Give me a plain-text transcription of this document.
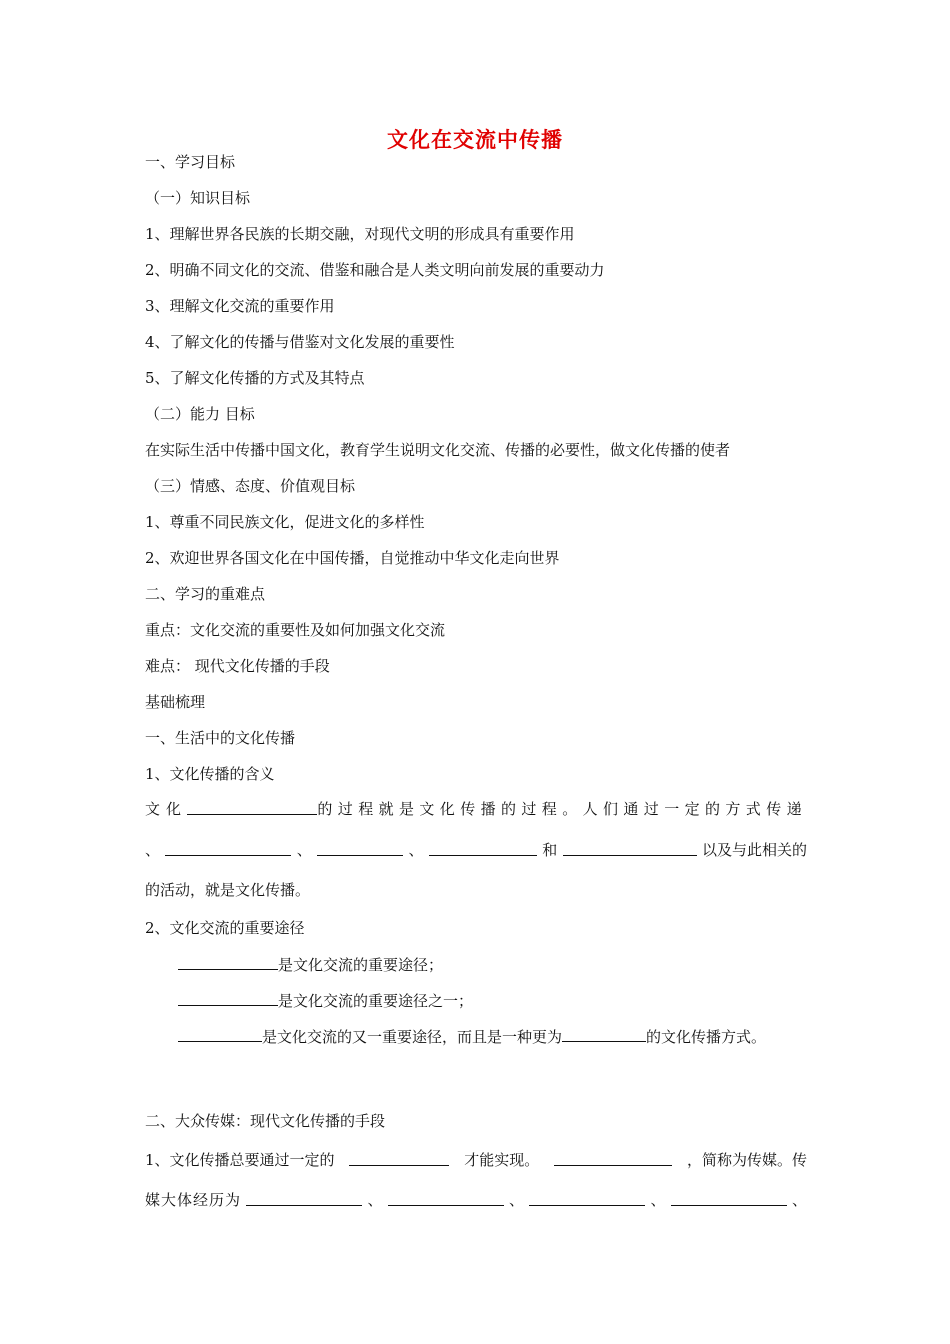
文化在交流中传播
一、学习目标
（一）知识目标
1、理解世界各民族的长期交融，对现代文明的形成具有重要作用
2、明确不同文化的交流、借鉴和融合是人类文明向前发展的重要动力
3、理解文化交流的重要作用
4、了解文化的传播与借鉴对文化发展的重要性
5、了解文化传播的方式及其特点
（二）能力 目标
在实际生活中传播中国文化，教育学生说明文化交流、传播的必要性，做文化传播的使者
（三）情感、态度、价值观目标
1、尊重不同民族文化，促进文化的多样性
2、欢迎世界各国文化在中国传播，自觉推动中华文化走向世界
二、学习的重难点
重点：文化交流的重要性及如何加强文化交流
难点： 现代文化传播的手段
基础梳理
一、生活中的文化传播
1、文化传播的含义
文化	的过程就是文化传播的过程。人们通过一定的方式传递
、	、	、	和	以及与此相关的
的活动，就是文化传播。
2、文化交流的重要途径
是文化交流的重要途径；
是文化交流的重要途径之一；
是文化交流的又一重要途径，而且是一种更为	的文化传播方式。
二、大众传媒：现代文化传播的手段
1、文化传播总要通过一定的	才能实现。	，简称为传媒。传
媒大体经历为	、	、	、	、
